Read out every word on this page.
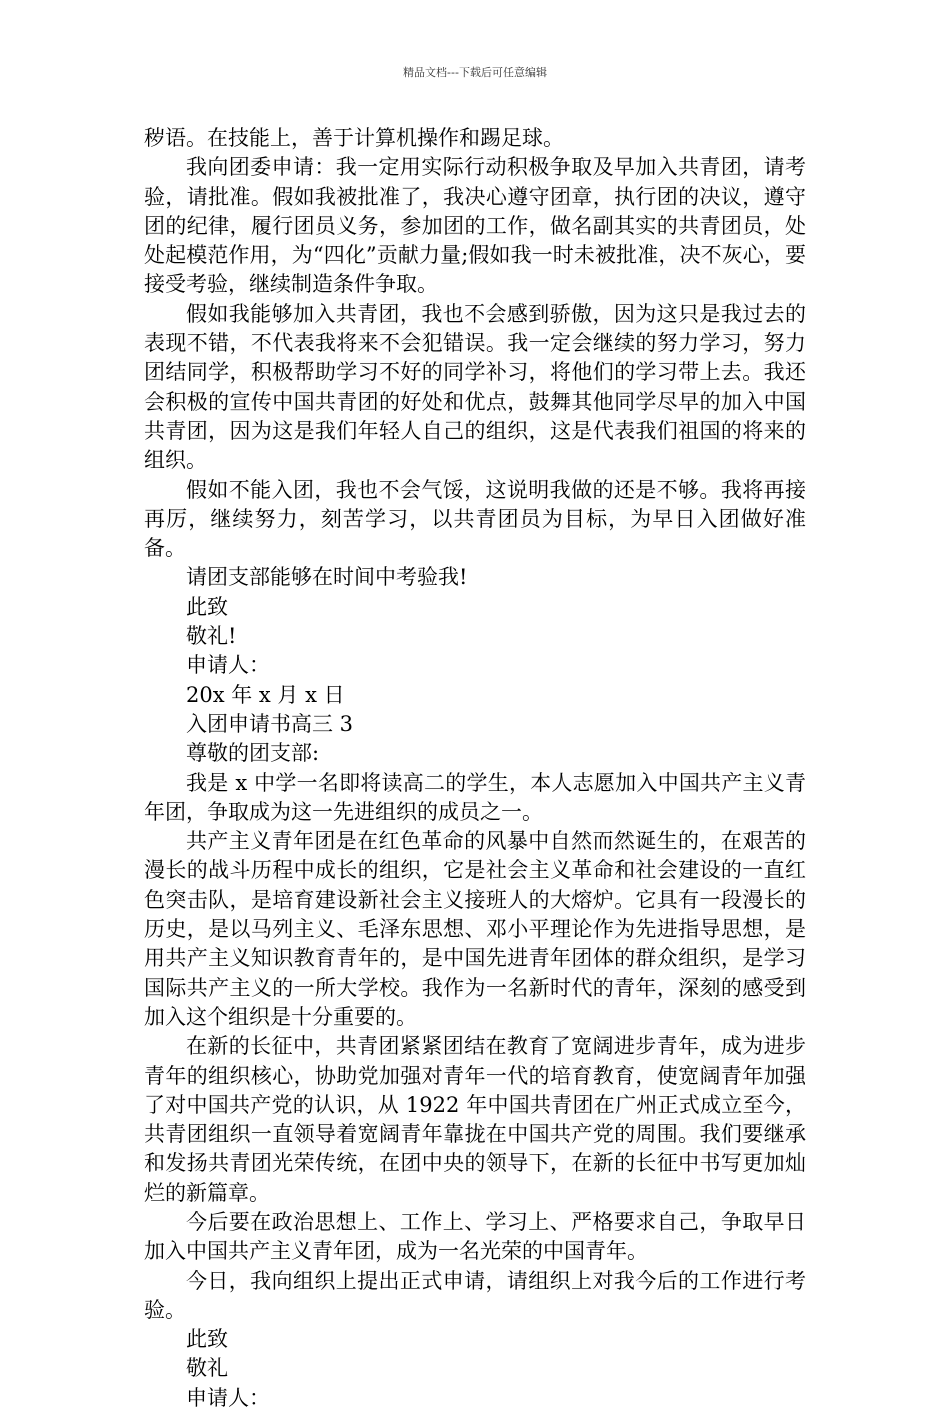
精品文档---下载后可任意编辑

秽语。在技能上，善于计算机操作和踢足球。

我向团委申请：我一定用实际行动积极争取及早加入共青团，请考验，请批准。假如我被批准了，我决心遵守团章，执行团的决议，遵守团的纪律，履行团员义务，参加团的工作，做名副其实的共青团员，处处起模范作用，为“四化”贡献力量;假如我一时未被批准，决不灰心，要接受考验，继续制造条件争取。

假如我能够加入共青团，我也不会感到骄傲，因为这只是我过去的表现不错，不代表我将来不会犯错误。我一定会继续的努力学习，努力团结同学，积极帮助学习不好的同学补习，将他们的学习带上去。我还会积极的宣传中国共青团的好处和优点，鼓舞其他同学尽早的加入中国共青团，因为这是我们年轻人自己的组织，这是代表我们祖国的将来的组织。

假如不能入团，我也不会气馁，这说明我做的还是不够。我将再接再厉，继续努力，刻苦学习，以共青团员为目标，为早日入团做好准备。

请团支部能够在时间中考验我!

此致

敬礼!

申请人：

20x 年 x 月 x 日

入团申请书高三 3

尊敬的团支部:

我是 x 中学一名即将读高二的学生，本人志愿加入中国共产主义青年团，争取成为这一先进组织的成员之一。

共产主义青年团是在红色革命的风暴中自然而然诞生的，在艰苦的漫长的战斗历程中成长的组织，它是社会主义革命和社会建设的一直红色突击队，是培育建设新社会主义接班人的大熔炉。它具有一段漫长的历史，是以马列主义、毛泽东思想、邓小平理论作为先进指导思想，是用共产主义知识教育青年的，是中国先进青年团体的群众组织，是学习国际共产主义的一所大学校。我作为一名新时代的青年，深刻的感受到加入这个组织是十分重要的。

在新的长征中，共青团紧紧团结在教育了宽阔进步青年，成为进步青年的组织核心，协助党加强对青年一代的培育教育，使宽阔青年加强了对中国共产党的认识，从 1922 年中国共青团在广州正式成立至今，共青团组织一直领导着宽阔青年靠拢在中国共产党的周围。我们要继承和发扬共青团光荣传统，在团中央的领导下，在新的长征中书写更加灿烂的新篇章。

今后要在政治思想上、工作上、学习上、严格要求自己，争取早日加入中国共产主义青年团，成为一名光荣的中国青年。

今日，我向组织上提出正式申请，请组织上对我今后的工作进行考验。

此致

敬礼

申请人：
